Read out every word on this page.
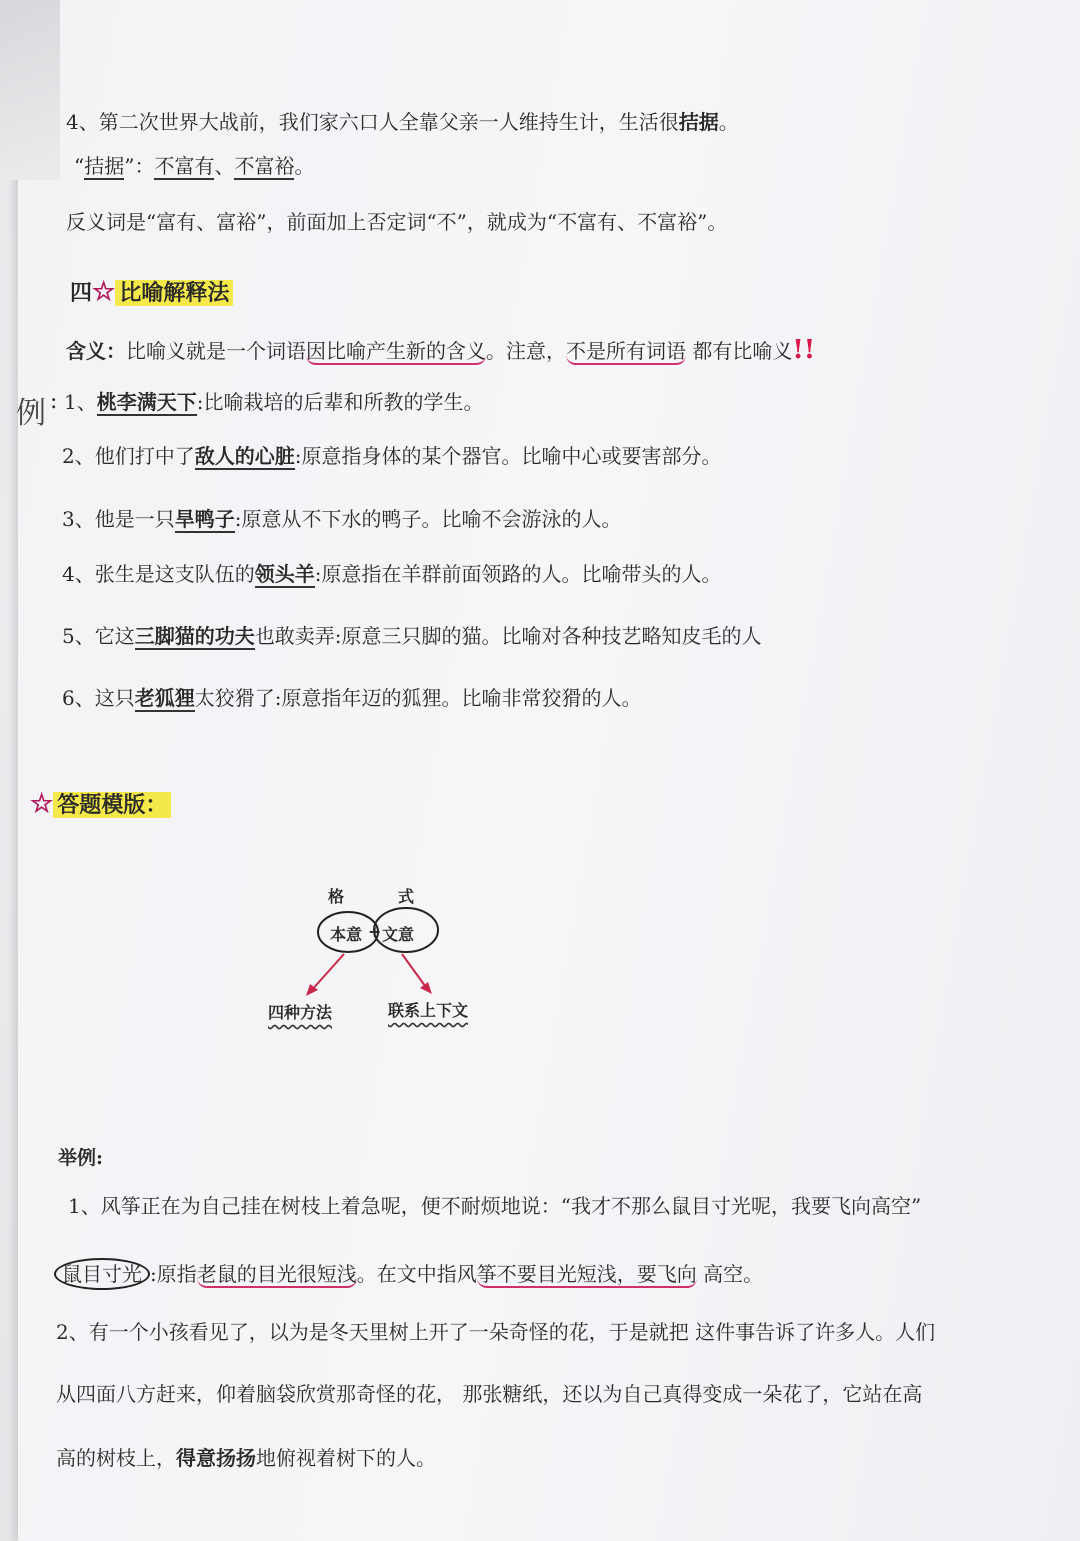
4、第二次世界大战前，我们家六口人全靠父亲一人维持生计，生活很拮据。
“拮据”：不富有、不富裕。
反义词是“富有、富裕”，前面加上否定词“不”，就成为“不富有、不富裕”。
四☆ 比喻解释法
含义：比喻义就是一个词语因比喻产生新的含义。注意，不是所有词语 都有比喻义!!
例 : 1、桃李满天下:比喻栽培的后辈和所教的学生。
2、他们打中了敌人的心脏:原意指身体的某个器官。比喻中心或要害部分。
3、他是一只旱鸭子:原意从不下水的鸭子。比喻不会游泳的人。
4、张生是这支队伍的领头羊:原意指在羊群前面领路的人。比喻带头的人。
5、它这三脚猫的功夫也敢卖弄:原意三只脚的猫。比喻对各种技艺略知皮毛的人
6、这只老狐狸太狡猾了:原意指年迈的狐狸。比喻非常狡猾的人。
☆ 答题模版：
格	式
本意 + 文意
四种方法	联系上下文
举例:
1、风筝正在为自己挂在树枝上着急呢，便不耐烦地说：“我才不那么鼠目寸光呢，我要飞向高空”
鼠目寸光 :原指老鼠的目光很短浅。在文中指风筝不要目光短浅，要飞向 高空。
2、有一个小孩看见了，以为是冬天里树上开了一朵奇怪的花，于是就把 这件事告诉了许多人。人们
从四面八方赶来，仰着脑袋欣赏那奇怪的花， 那张糖纸，还以为自己真得变成一朵花了，它站在高
高的树枝上，得意扬扬地俯视着树下的人。
